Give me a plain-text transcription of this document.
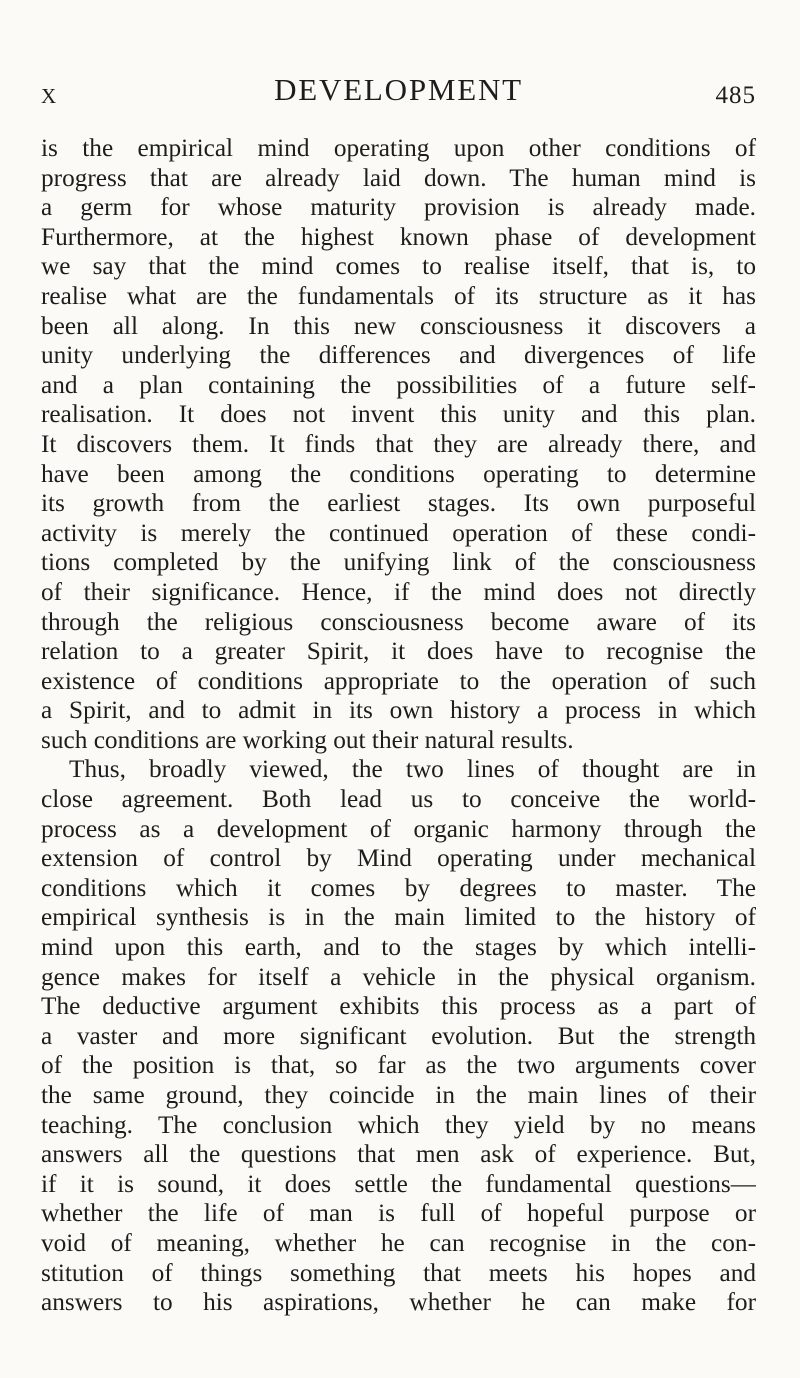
X	DEVELOPMENT	485
is the empirical mind operating upon other conditions of
progress that are already laid down. The human mind is
a germ for whose maturity provision is already made.
Furthermore, at the highest known phase of development
we say that the mind comes to realise itself, that is, to
realise what are the fundamentals of its structure as it has
been all along. In this new consciousness it discovers a
unity underlying the differences and divergences of life
and a plan containing the possibilities of a future self-
realisation. It does not invent this unity and this plan.
It discovers them. It finds that they are already there, and
have been among the conditions operating to determine
its growth from the earliest stages. Its own purposeful
activity is merely the continued operation of these condi-
tions completed by the unifying link of the consciousness
of their significance. Hence, if the mind does not directly
through the religious consciousness become aware of its
relation to a greater Spirit, it does have to recognise the
existence of conditions appropriate to the operation of such
a Spirit, and to admit in its own history a process in which
such conditions are working out their natural results.
Thus, broadly viewed, the two lines of thought are in
close agreement. Both lead us to conceive the world-
process as a development of organic harmony through the
extension of control by Mind operating under mechanical
conditions which it comes by degrees to master. The
empirical synthesis is in the main limited to the history of
mind upon this earth, and to the stages by which intelli-
gence makes for itself a vehicle in the physical organism.
The deductive argument exhibits this process as a part of
a vaster and more significant evolution. But the strength
of the position is that, so far as the two arguments cover
the same ground, they coincide in the main lines of their
teaching. The conclusion which they yield by no means
answers all the questions that men ask of experience. But,
if it is sound, it does settle the fundamental questions—
whether the life of man is full of hopeful purpose or
void of meaning, whether he can recognise in the con-
stitution of things something that meets his hopes and
answers to his aspirations, whether he can make for
